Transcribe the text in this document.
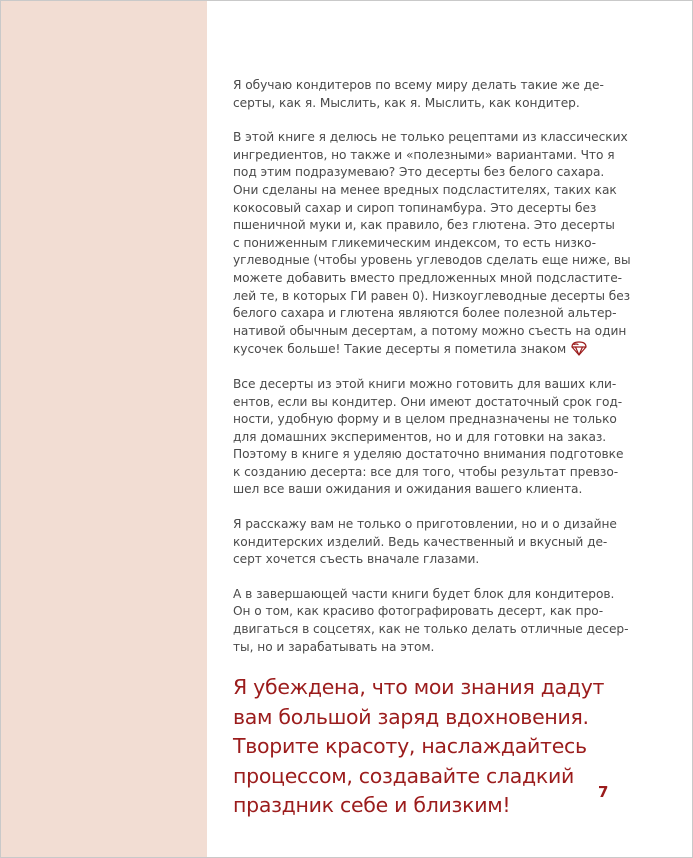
Я обучаю кондитеров по всему миру делать такие же де-
серты, как я. Мыслить, как я. Мыслить, как кондитер.

В этой книге я делюсь не только рецептами из классических
ингредиентов, но также и «полезными» вариантами. Что я
под этим подразумеваю? Это десерты без белого сахара.
Они сделаны на менее вредных подсластителях, таких как
кокосовый сахар и сироп топинамбура. Это десерты без
пшеничной муки и, как правило, без глютена. Это десерты
с пониженным гликемическим индексом, то есть низко-
углеводные (чтобы уровень углеводов сделать еще ниже, вы
можете добавить вместо предложенных мной подсластите-
лей те, в которых ГИ равен 0). Низкоуглеводные десерты без
белого сахара и глютена являются более полезной альтер-
нативой обычным десертам, а потому можно съесть на один
кусочек больше! Такие десерты я пометила знаком

Все десерты из этой книги можно готовить для ваших кли-
ентов, если вы кондитер. Они имеют достаточный срок год-
ности, удобную форму и в целом предназначены не только
для домашних экспериментов, но и для готовки на заказ.
Поэтому в книге я уделяю достаточно внимания подготовке
к созданию десерта: все для того, чтобы результат превзо-
шел все ваши ожидания и ожидания вашего клиента.

Я расскажу вам не только о приготовлении, но и о дизайне
кондитерских изделий. Ведь качественный и вкусный де-
серт хочется съесть вначале глазами.

А в завершающей части книги будет блок для кондитеров.
Он о том, как красиво фотографировать десерт, как про-
двигаться в соцсетях, как не только делать отличные десер-
ты, но и зарабатывать на этом.

Я убеждена, что мои знания дадут
вам большой заряд вдохновения.
Творите красоту, наслаждайтесь
процессом, создавайте сладкий
праздник себе и близким!

7
